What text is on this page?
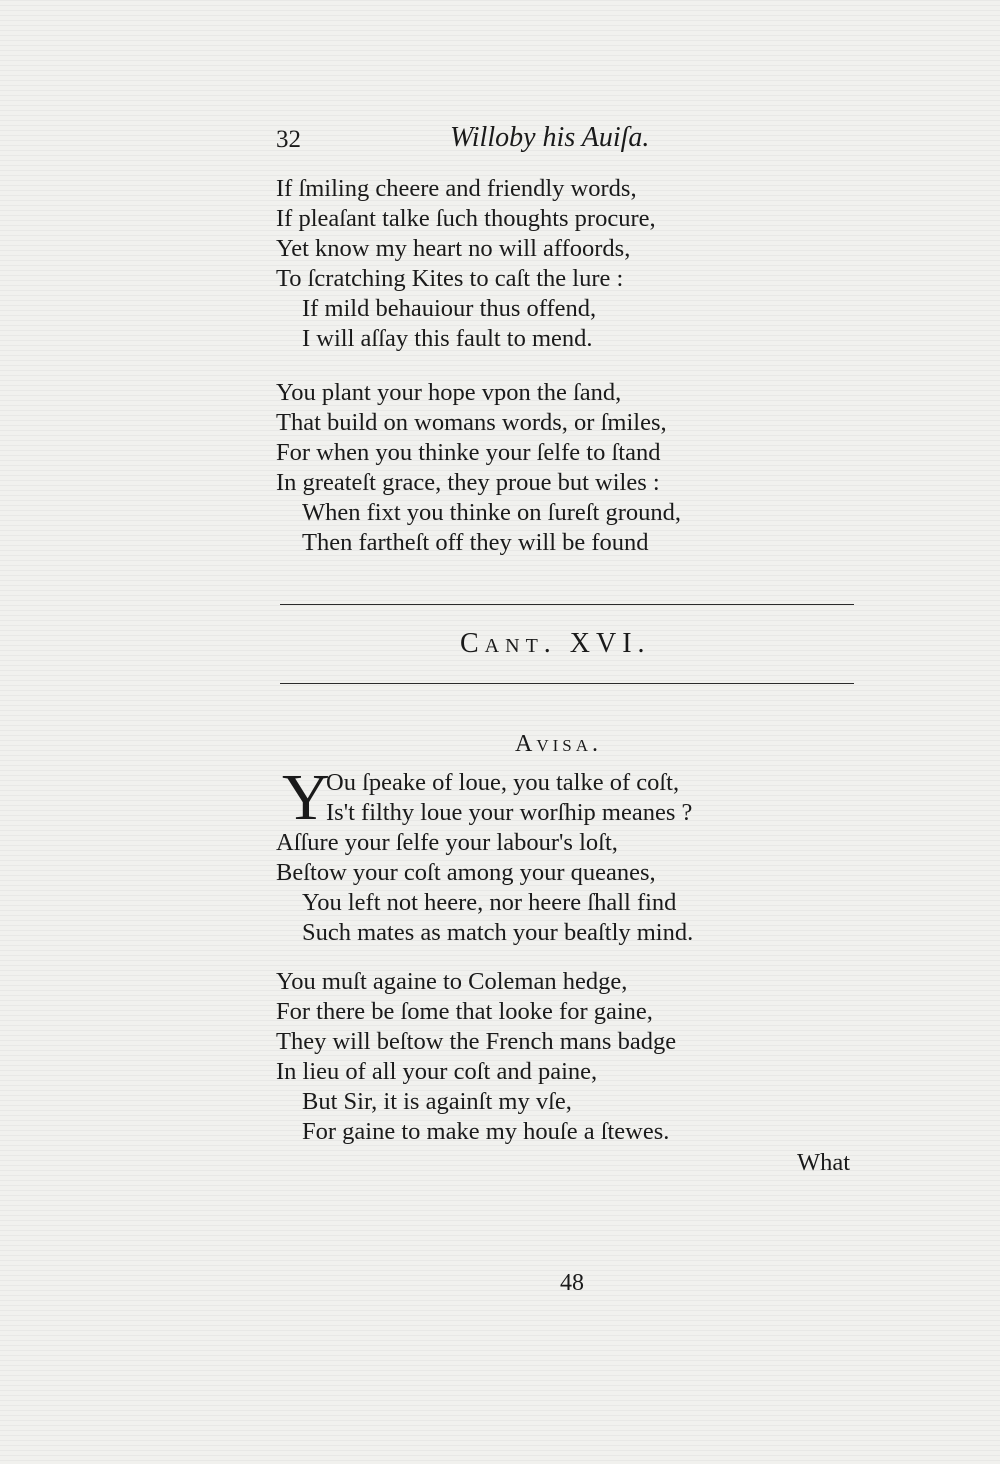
32	Willoby his Auiſa.
If ſmiling cheere and friendly words,
If pleaſant talke ſuch thoughts procure,
Yet know my heart no will affoords,
To ſcratching Kites to caſt the lure :
If mild behauiour thus offend,
I will aſſay this fault to mend.
You plant your hope vpon the ſand,
That build on womans words, or ſmiles,
For when you thinke your ſelfe to ſtand
In greateſt grace, they proue but wiles :
When fixt you thinke on ſureſt ground,
Then fartheſt off they will be found
Cant. XVI.
Avisa.
Y
Ou ſpeake of loue, you talke of coſt,
Is't filthy loue your worſhip meanes ?
Aſſure your ſelfe your labour's loſt,
Beſtow your coſt among your queanes,
You left not heere, nor heere ſhall find
Such mates as match your beaſtly mind.
You muſt againe to Coleman hedge,
For there be ſome that looke for gaine,
They will beſtow the French mans badge
In lieu of all your coſt and paine,
But Sir, it is againſt my vſe,
For gaine to make my houſe a ſtewes.
What
48
